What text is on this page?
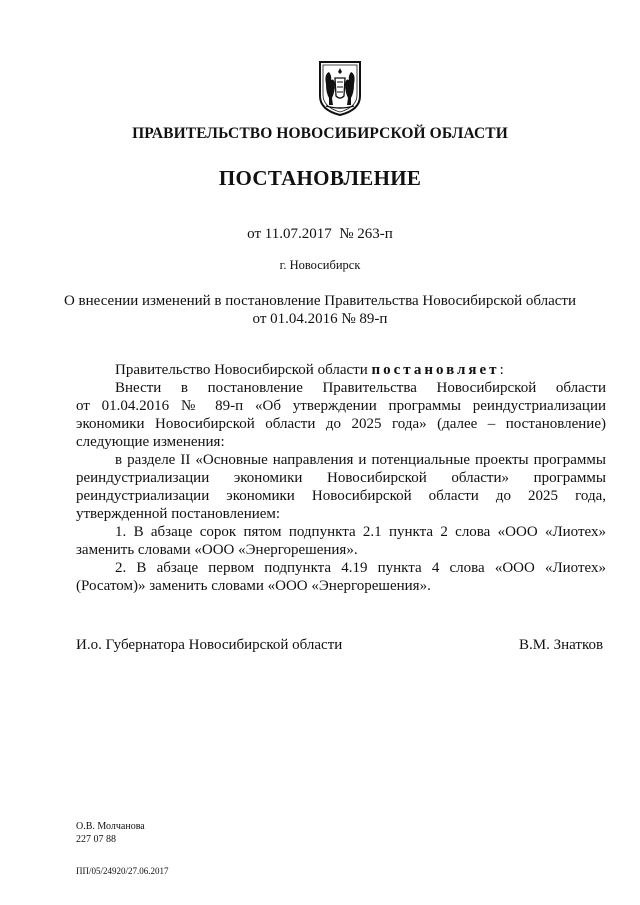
ПРАВИТЕЛЬСТВО НОВОСИБИРСКОЙ ОБЛАСТИ
ПОСТАНОВЛЕНИЕ
от 11.07.2017  № 263-п
г. Новосибирск
О внесении изменений в постановление Правительства Новосибирской области
от 01.04.2016 № 89-п
Правительство Новосибирской области постановляет:
Внести в постановление Правительства Новосибирской области
от 01.04.2016 № 89-п «Об утверждении программы реиндустриализации
экономики Новосибирской области до 2025 года» (далее – постановление)
следующие изменения:
в разделе II «Основные направления и потенциальные проекты программы
реиндустриализации экономики Новосибирской области» программы
реиндустриализации экономики Новосибирской области до 2025 года,
утвержденной постановлением:
1. В абзаце сорок пятом подпункта 2.1 пункта 2 слова «ООО «Лиотех»
заменить словами «ООО «Энергорешения».
2. В абзаце первом подпункта 4.19 пункта 4 слова «ООО «Лиотех»
(Росатом)» заменить словами «ООО «Энергорешения».
И.о. Губернатора Новосибирской области	В.М. Знатков
О.В. Молчанова
227 07 88
ПП/05/24920/27.06.2017
